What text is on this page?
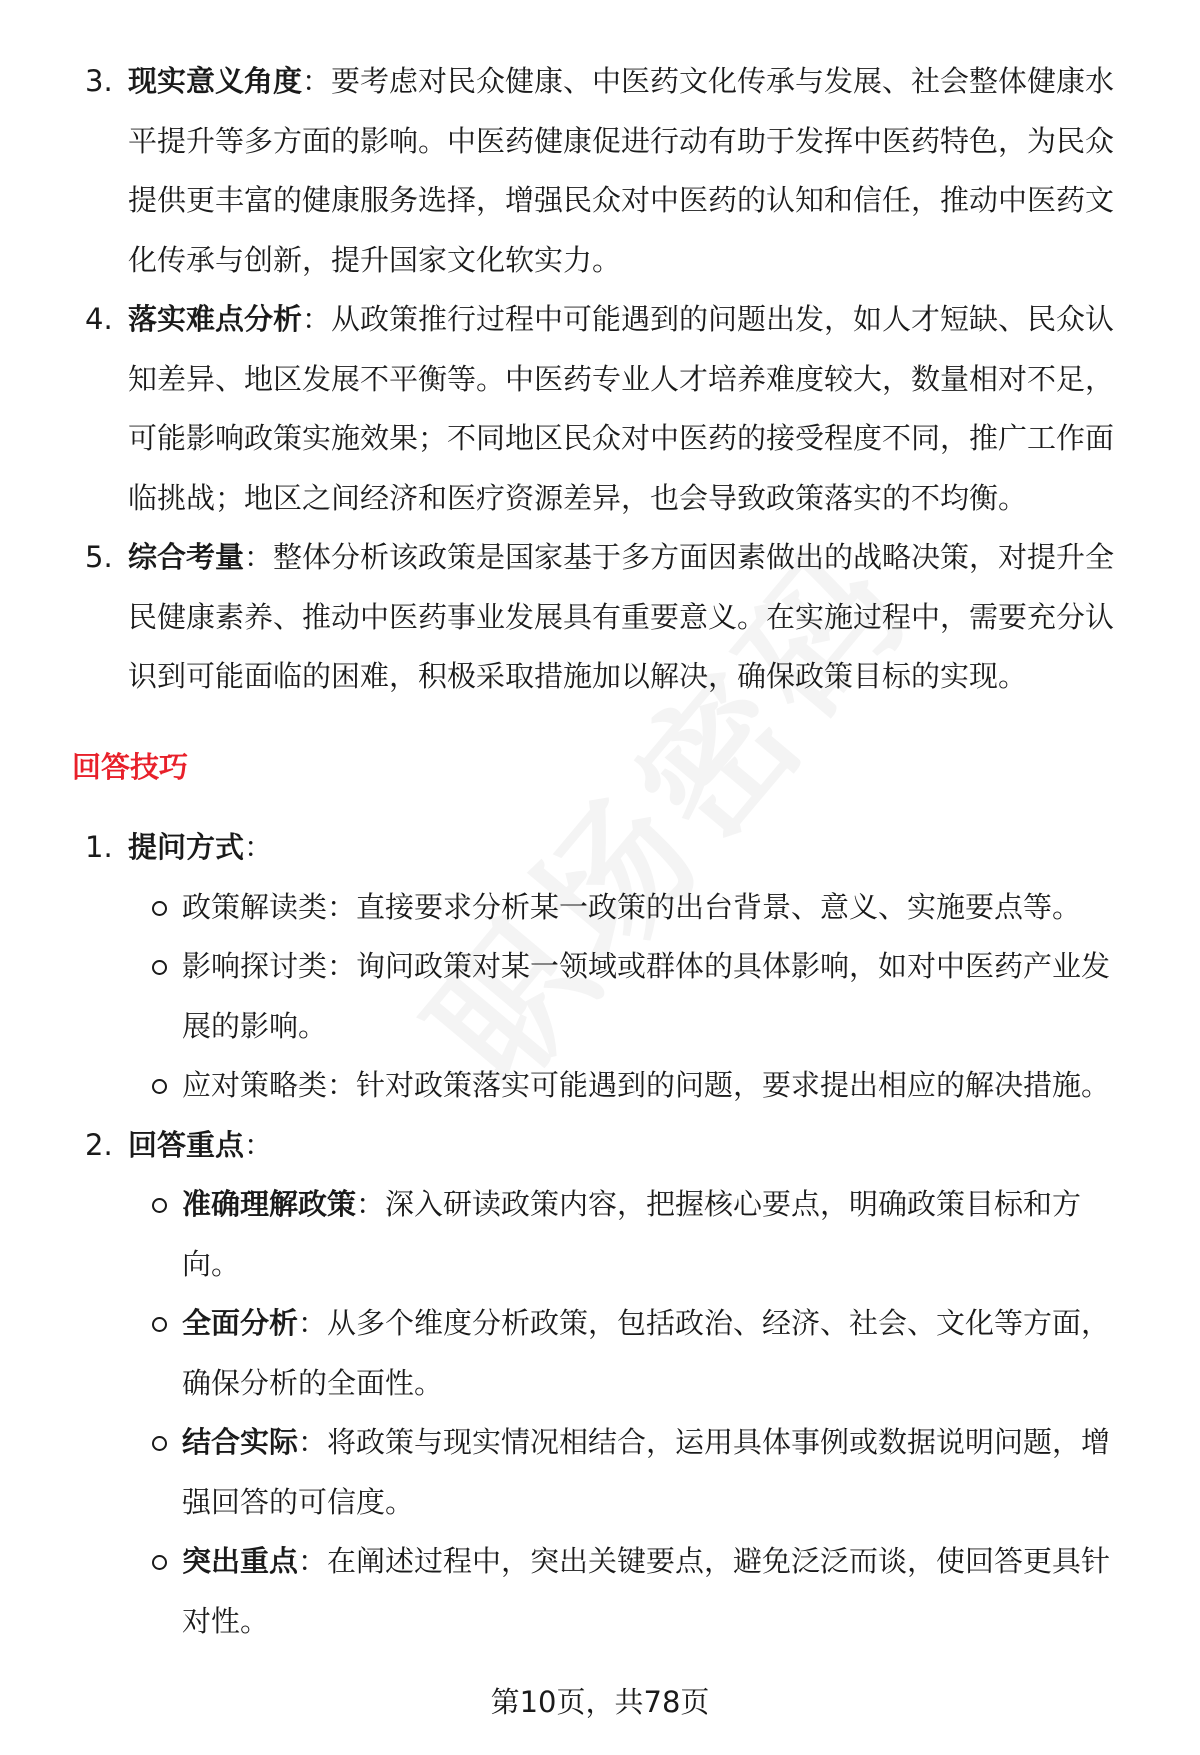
3. 现实意义角度：要考虑对民众健康、中医药文化传承与发展、社会整体健康水平提升等多方面的影响。中医药健康促进行动有助于发挥中医药特色，为民众提供更丰富的健康服务选择，增强民众对中医药的认知和信任，推动中医药文化传承与创新，提升国家文化软实力。
4. 落实难点分析：从政策推行过程中可能遇到的问题出发，如人才短缺、民众认知差异、地区发展不平衡等。中医药专业人才培养难度较大，数量相对不足，可能影响政策实施效果；不同地区民众对中医药的接受程度不同，推广工作面临挑战；地区之间经济和医疗资源差异，也会导致政策落实的不均衡。
5. 综合考量：整体分析该政策是国家基于多方面因素做出的战略决策，对提升全民健康素养、推动中医药事业发展具有重要意义。在实施过程中，需要充分认识到可能面临的困难，积极采取措施加以解决，确保政策目标的实现。
回答技巧
1. 提问方式：
政策解读类：直接要求分析某一政策的出台背景、意义、实施要点等。
影响探讨类：询问政策对某一领域或群体的具体影响，如对中医药产业发展的影响。
应对策略类：针对政策落实可能遇到的问题，要求提出相应的解决措施。
2. 回答重点：
准确理解政策：深入研读政策内容，把握核心要点，明确政策目标和方向。
全面分析：从多个维度分析政策，包括政治、经济、社会、文化等方面，确保分析的全面性。
结合实际：将政策与现实情况相结合，运用具体事例或数据说明问题，增强回答的可信度。
突出重点：在阐述过程中，突出关键要点，避免泛泛而谈，使回答更具针对性。
第10页，共78页
